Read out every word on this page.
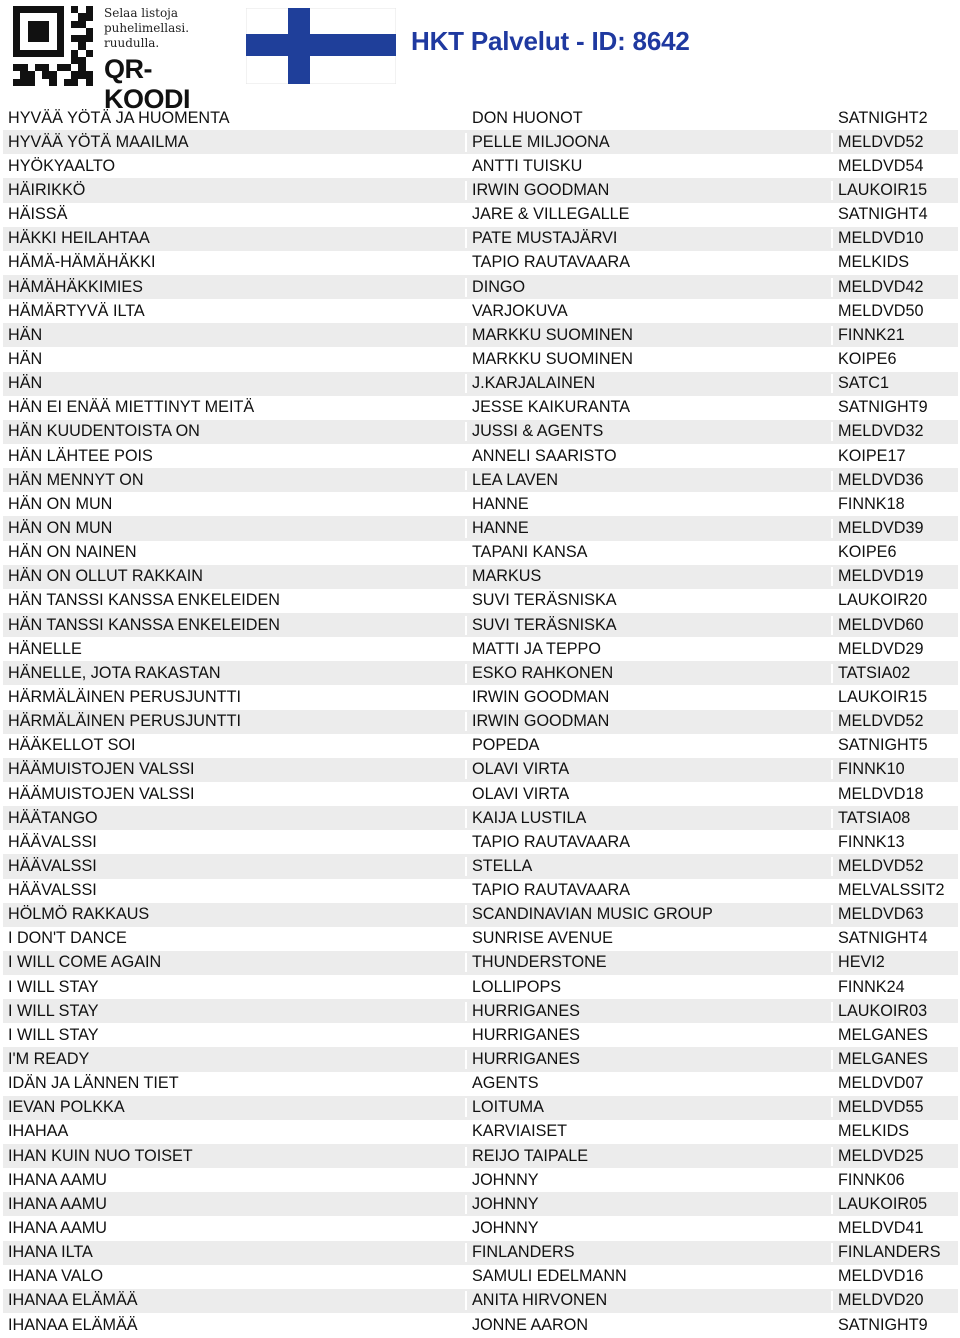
Selaa listoja
puhelimellasi.
ruudulla.
QR-KOODI
HKT Palvelut - ID: 8642
HYVÄÄ YÖTÄ JA HUOMENTA	DON HUONOT	SATNIGHT2
HYVÄÄ YÖTÄ MAAILMA	PELLE MILJOONA	MELDVD52
HYÖKYAALTO	ANTTI TUISKU	MELDVD54
HÄIRIKKÖ	IRWIN GOODMAN	LAUKOIR15
HÄISSÄ	JARE & VILLEGALLE	SATNIGHT4
HÄKKI HEILAHTAA	PATE MUSTAJÄRVI	MELDVD10
HÄMÄ-HÄMÄHÄKKI	TAPIO RAUTAVAARA	MELKIDS
HÄMÄHÄKKIMIES	DINGO	MELDVD42
HÄMÄRTYVÄ ILTA	VARJOKUVA	MELDVD50
HÄN	MARKKU SUOMINEN	FINNK21
HÄN	MARKKU SUOMINEN	KOIPE6
HÄN	J.KARJALAINEN	SATC1
HÄN EI ENÄÄ MIETTINYT MEITÄ	JESSE KAIKURANTA	SATNIGHT9
HÄN KUUDENTOISTA ON	JUSSI & AGENTS	MELDVD32
HÄN LÄHTEE POIS	ANNELI SAARISTO	KOIPE17
HÄN MENNYT ON	LEA LAVEN	MELDVD36
HÄN ON MUN	HANNE	FINNK18
HÄN ON MUN	HANNE	MELDVD39
HÄN ON NAINEN	TAPANI KANSA	KOIPE6
HÄN ON OLLUT RAKKAIN	MARKUS	MELDVD19
HÄN TANSSI KANSSA ENKELEIDEN	SUVI TERÄSNISKA	LAUKOIR20
HÄN TANSSI KANSSA ENKELEIDEN	SUVI TERÄSNISKA	MELDVD60
HÄNELLE	MATTI JA TEPPO	MELDVD29
HÄNELLE, JOTA RAKASTAN	ESKO RAHKONEN	TATSIA02
HÄRMÄLÄINEN PERUSJUNTTI	IRWIN GOODMAN	LAUKOIR15
HÄRMÄLÄINEN PERUSJUNTTI	IRWIN GOODMAN	MELDVD52
HÄÄKELLOT SOI	POPEDA	SATNIGHT5
HÄÄMUISTOJEN VALSSI	OLAVI VIRTA	FINNK10
HÄÄMUISTOJEN VALSSI	OLAVI VIRTA	MELDVD18
HÄÄTANGO	KAIJA LUSTILA	TATSIA08
HÄÄVALSSI	TAPIO RAUTAVAARA	FINNK13
HÄÄVALSSI	STELLA	MELDVD52
HÄÄVALSSI	TAPIO RAUTAVAARA	MELVALSSIT2
HÖLMÖ RAKKAUS	SCANDINAVIAN MUSIC GROUP	MELDVD63
I DON'T DANCE	SUNRISE AVENUE	SATNIGHT4
I WILL COME AGAIN	THUNDERSTONE	HEVI2
I WILL STAY	LOLLIPOPS	FINNK24
I WILL STAY	HURRIGANES	LAUKOIR03
I WILL STAY	HURRIGANES	MELGANES
I'M READY	HURRIGANES	MELGANES
IDÄN JA LÄNNEN TIET	AGENTS	MELDVD07
IEVAN POLKKA	LOITUMA	MELDVD55
IHAHAA	KARVIAISET	MELKIDS
IHAN KUIN NUO TOISET	REIJO TAIPALE	MELDVD25
IHANA AAMU	JOHNNY	FINNK06
IHANA AAMU	JOHNNY	LAUKOIR05
IHANA AAMU	JOHNNY	MELDVD41
IHANA ILTA	FINLANDERS	FINLANDERS
IHANA VALO	SAMULI EDELMANN	MELDVD16
IHANAA ELÄMÄÄ	ANITA HIRVONEN	MELDVD20
IHANAA ELÄMÄÄ	JONNE AARON	SATNIGHT9
